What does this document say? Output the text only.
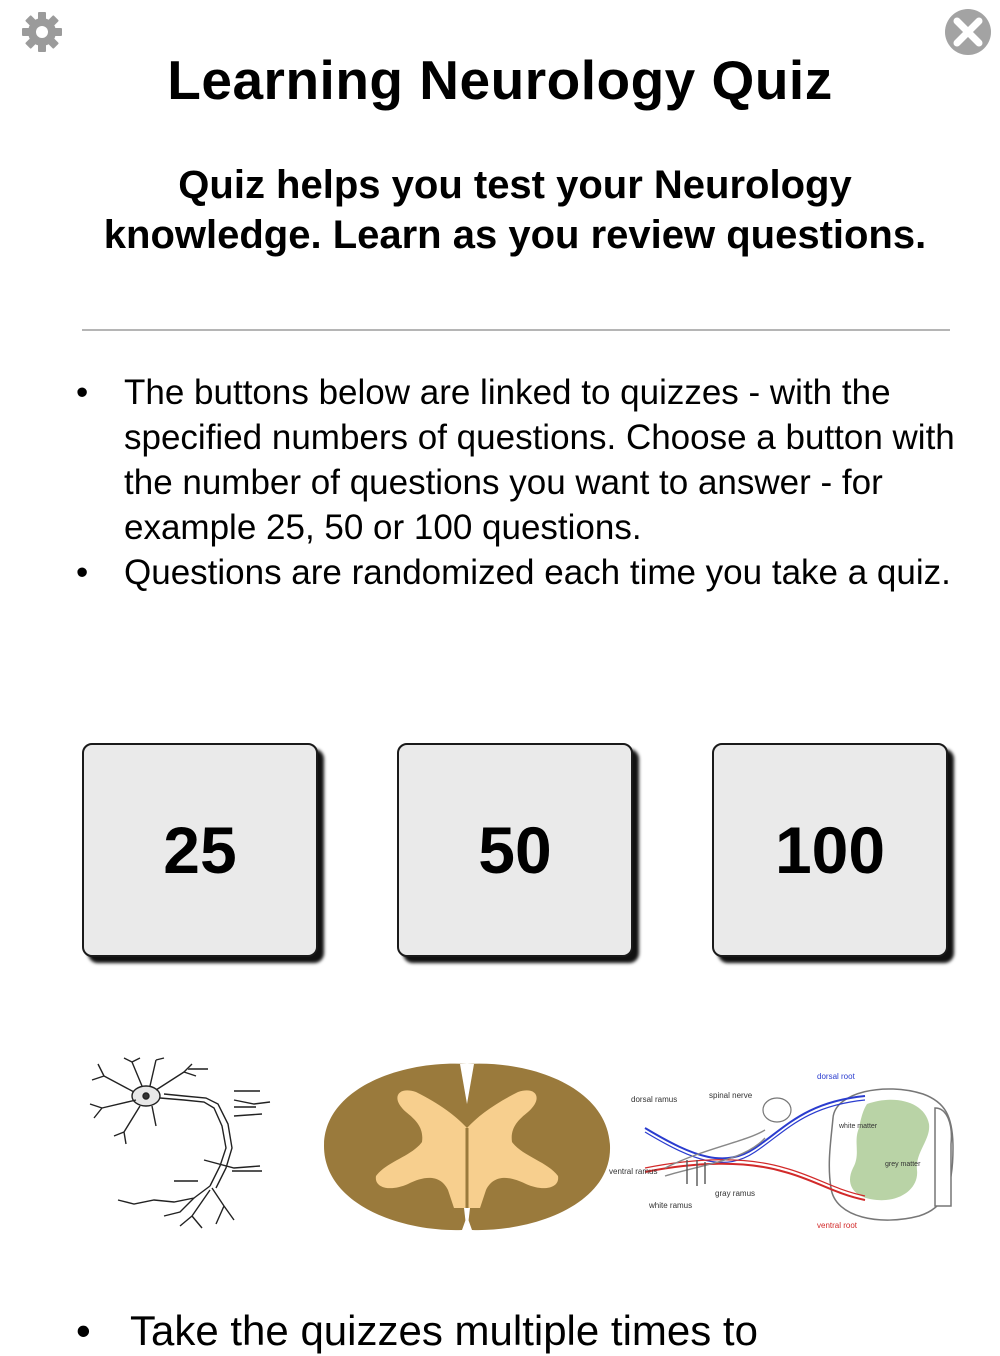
Learning Neurology Quiz

Quiz helps you test your Neurology knowledge. Learn as you review questions.

• The buttons below are linked to quizzes - with the specified numbers of questions. Choose a button with the number of questions you want to answer - for example 25, 50 or 100 questions.
• Questions are randomized each time you take a quiz.
25	50	100
dorsal root
dorsal ramus	spinal nerve
white matter
grey matter
ventral ramus
white ramus
gray ramus
ventral root
• Take the quizzes multiple times to
